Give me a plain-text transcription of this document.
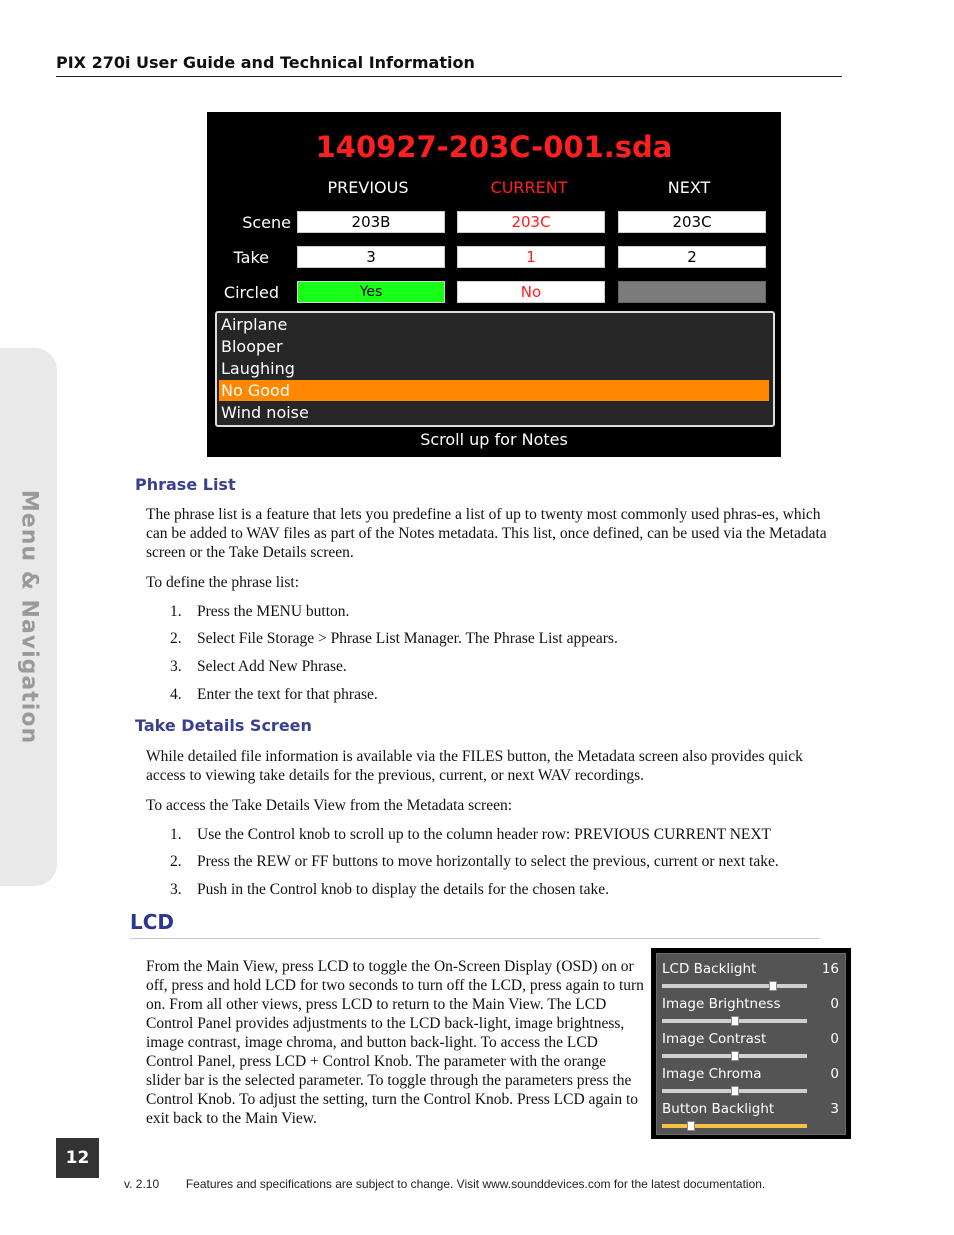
PIX 270i User Guide and Technical Information
Menu & Navigation
140927-203C-001.sda
PREVIOUS	CURRENT	NEXT
Scene	203B	203C	203C
Take	3	1	2
Circled	Yes	No
Airplane
Blooper
Laughing
No Good
Wind noise
Scroll up for Notes
Phrase List
The phrase list is a feature that lets you predefine a list of up to twenty most commonly used phras-es, which can be added to WAV files as part of the Notes metadata. This list, once defined, can be used via the Metadata screen or the Take Details screen.
To define the phrase list:
1. Press the MENU button.
2. Select File Storage > Phrase List Manager. The Phrase List appears.
3. Select Add New Phrase.
4. Enter the text for that phrase.
Take Details Screen
While detailed file information is available via the FILES button, the Metadata screen also provides quick access to viewing take details for the previous, current, or next WAV recordings.
To access the Take Details View from the Metadata screen:
1. Use the Control knob to scroll up to the column header row: PREVIOUS CURRENT NEXT
2. Press the REW or FF buttons to move horizontally to select the previous, current or next take.
3. Push in the Control knob to display the details for the chosen take.
LCD
From the Main View, press LCD to toggle the On-Screen Display (OSD) on or off, press and hold LCD for two seconds to turn off the LCD, press again to turn on. From all other views, press LCD to return to the Main View. The LCD Control Panel provides adjustments to the LCD back-light, image brightness, image contrast, image chroma, and button back-light. To access the LCD Control Panel, press LCD + Control Knob. The parameter with the orange slider bar is the selected parameter. To toggle through the parameters press the Control Knob. To adjust the setting, turn the Control Knob. Press LCD again to exit back to the Main View.
LCD Backlight	16
Image Brightness	0
Image Contrast	0
Image Chroma	0
Button Backlight	3
12
v. 2.10 Features and specifications are subject to change. Visit www.sounddevices.com for the latest documentation.
